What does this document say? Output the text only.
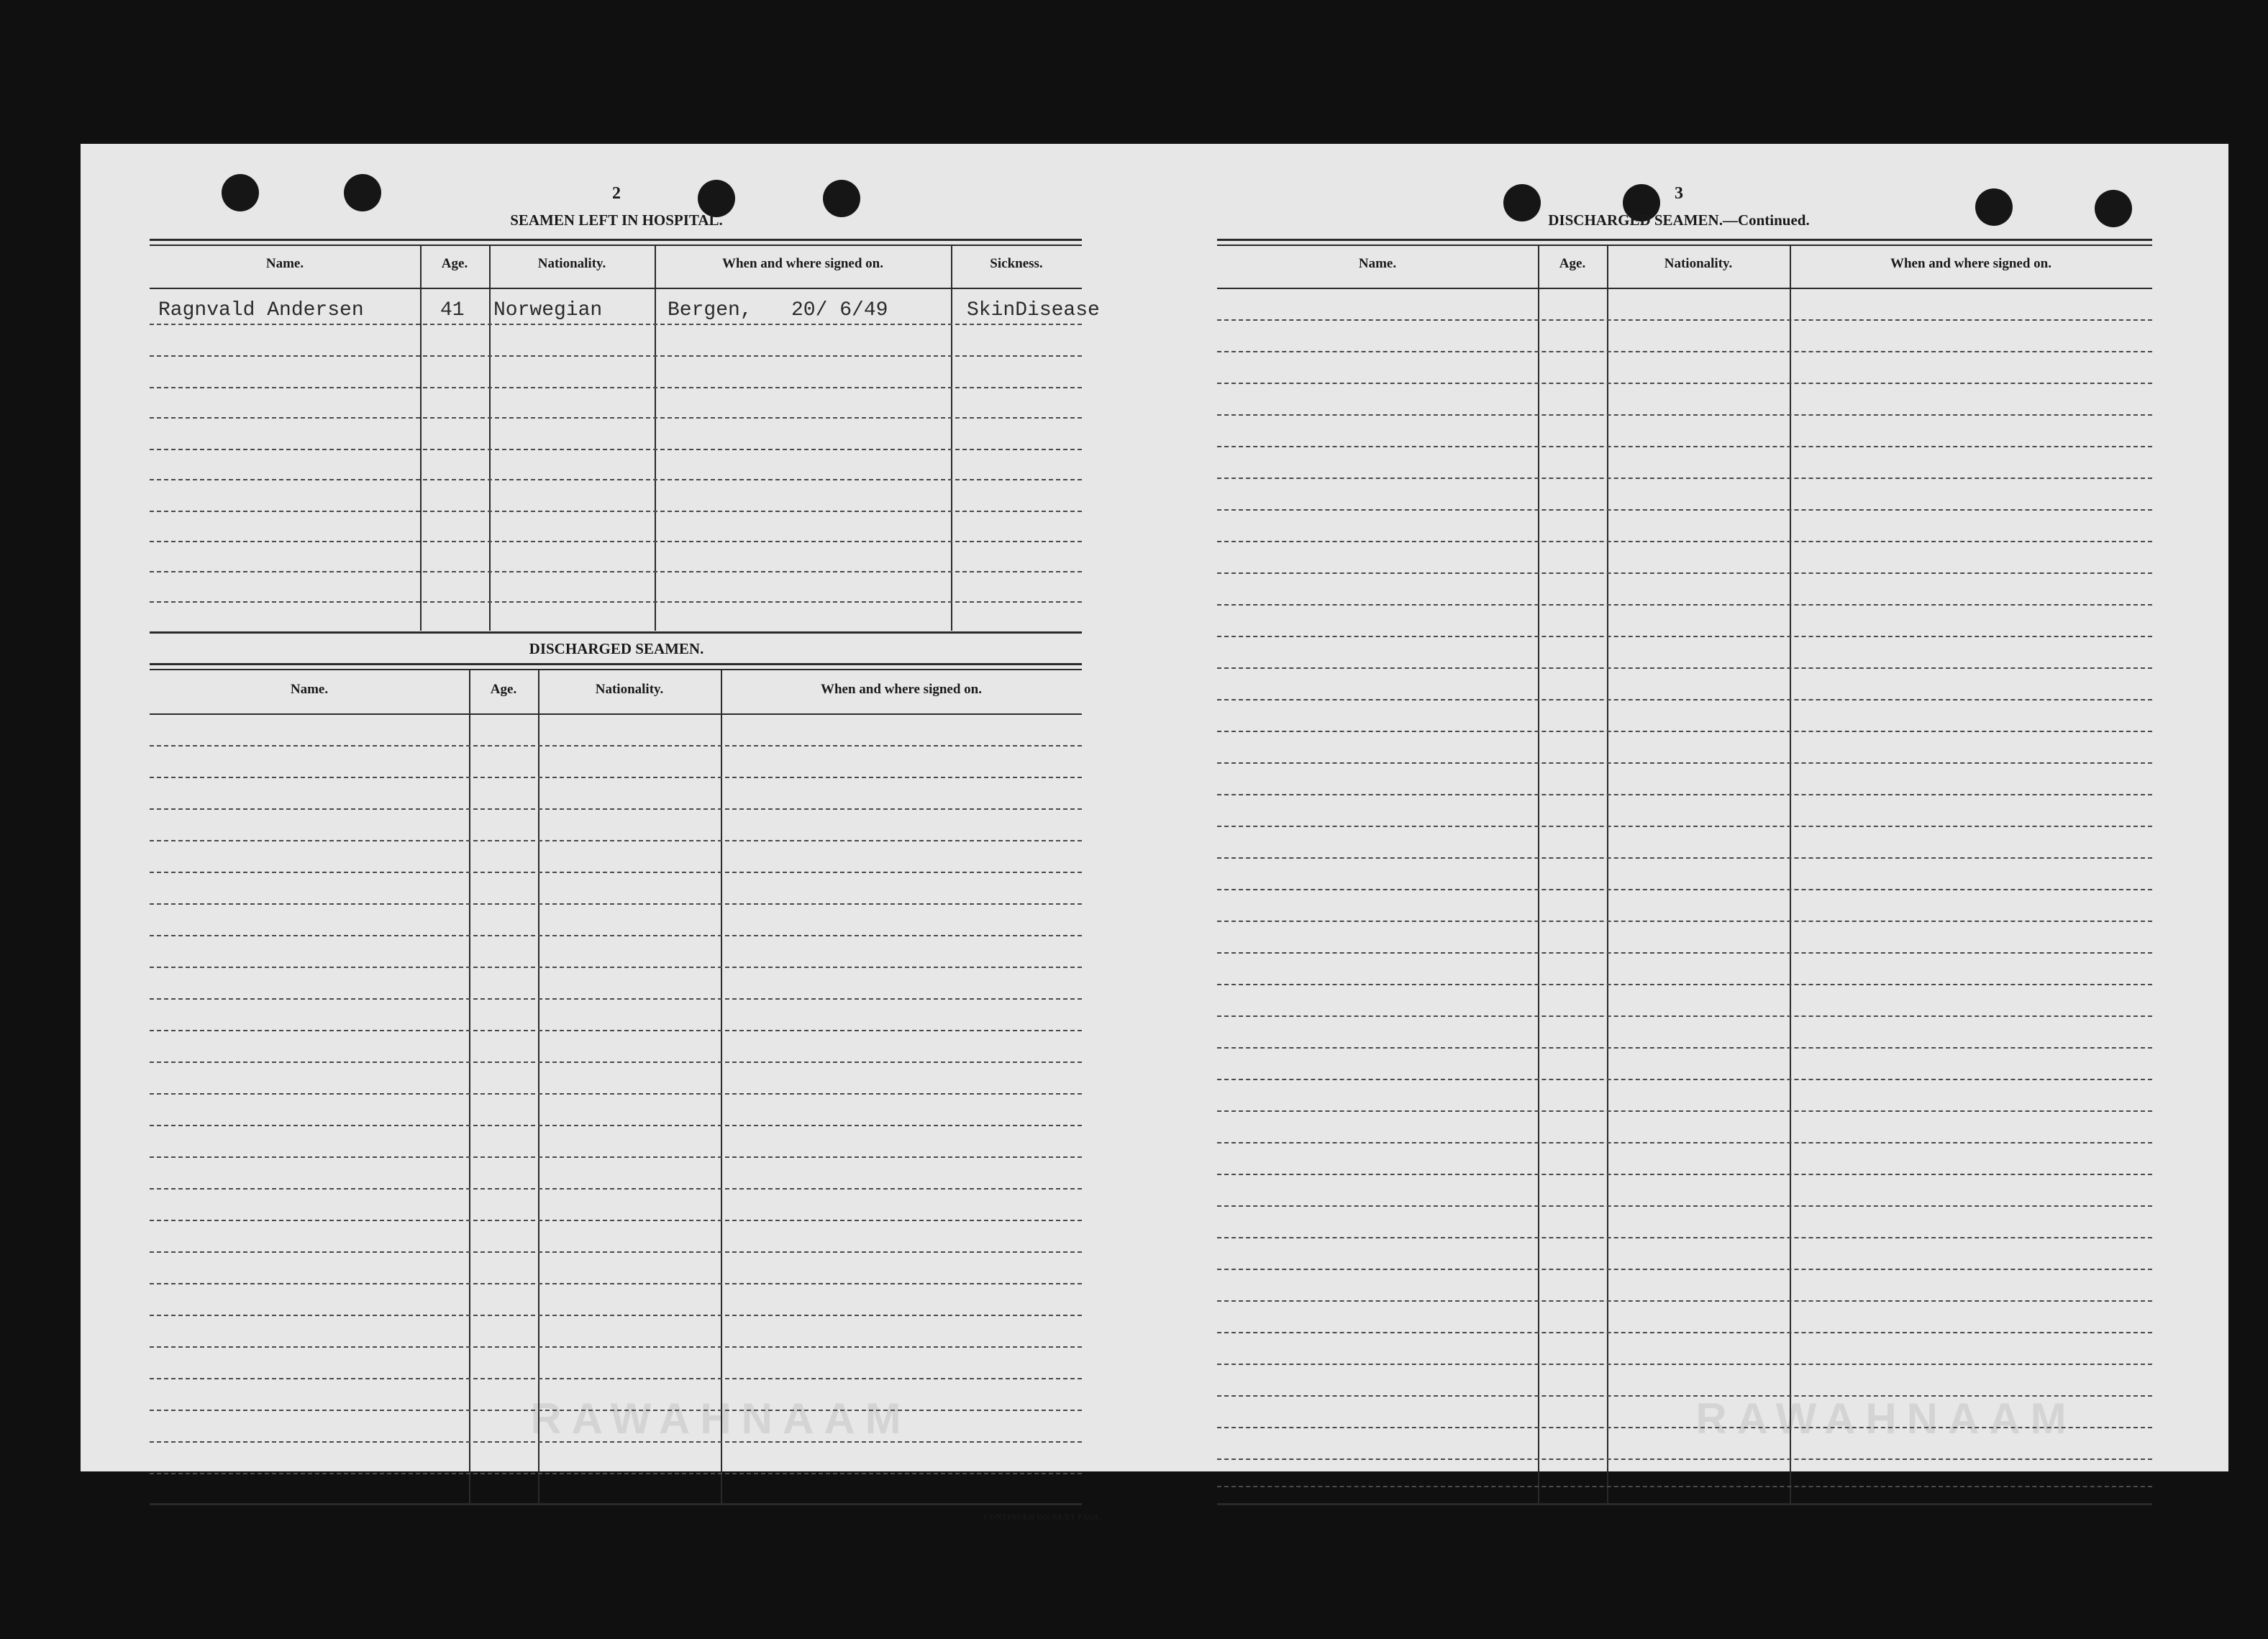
RAWAHNAAM	RAWAHNAAM
2
SEAMEN LEFT IN HOSPITAL.
Name.	Age.	Nationality.	When and where signed on.	Sickness.
Ragnvald Andersen	41 Norwegian	Bergen, 20/ 6/49	SkinDisease
DISCHARGED SEAMEN.
Name.	Age.	Nationality.	When and where signed on.
CONTINUED ON NEXT PAGE.
3
DISCHARGED SEAMEN.—Continued.
Name.	Age.	Nationality.	When and where signed on.
